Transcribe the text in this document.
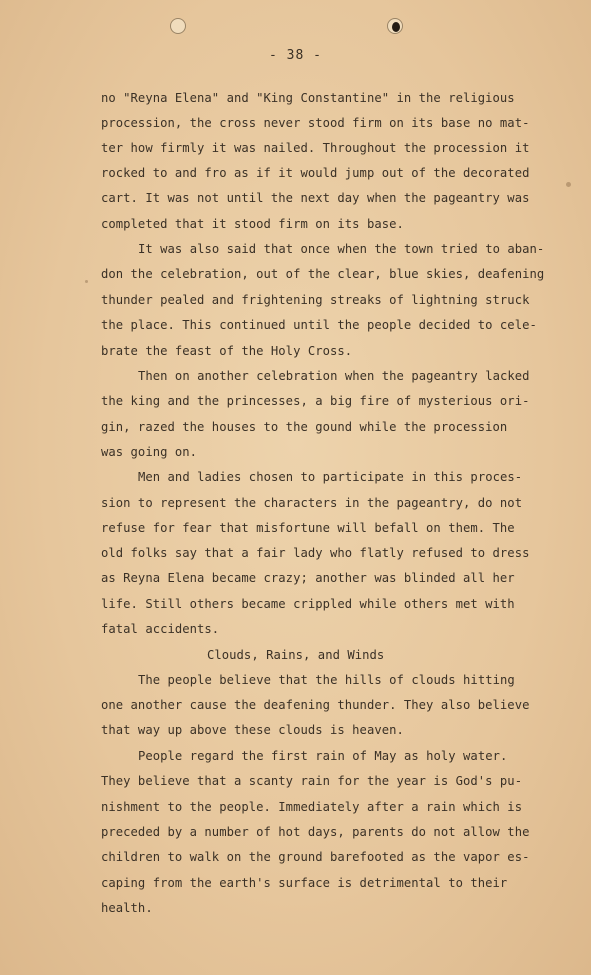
- 38 -
no "Reyna Elena" and "King Constantine" in the religious
procession, the cross never stood firm on its base no mat-
ter how firmly it was nailed. Throughout the procession it
rocked to and fro as if it would jump out of the decorated
cart. It was not until the next day when the pageantry was
completed that it stood firm on its base.
It was also said that once when the town tried to aban-
don the celebration, out of the clear, blue skies, deafening
thunder pealed and frightening streaks of lightning struck
the place. This continued until the people decided to cele-
brate the feast of the Holy Cross.
Then on another celebration when the pageantry lacked
the king and the princesses, a big fire of mysterious ori-
gin, razed the houses to the gound while the procession
was going on.
Men and ladies chosen to participate in this proces-
sion to represent the characters in the pageantry, do not
refuse for fear that misfortune will befall on them. The
old folks say that a fair lady who flatly refused to dress
as Reyna Elena became crazy; another was blinded all her
life. Still others became crippled while others met with
fatal accidents.
Clouds, Rains, and Winds
The people believe that the hills of clouds hitting
one another cause the deafening thunder. They also believe
that way up above these clouds is heaven.
People regard the first rain of May as holy water.
They believe that a scanty rain for the year is God's pu-
nishment to the people. Immediately after a rain which is
preceded by a number of hot days, parents do not allow the
children to walk on the ground barefooted as the vapor es-
caping from the earth's surface is detrimental to their
health.
